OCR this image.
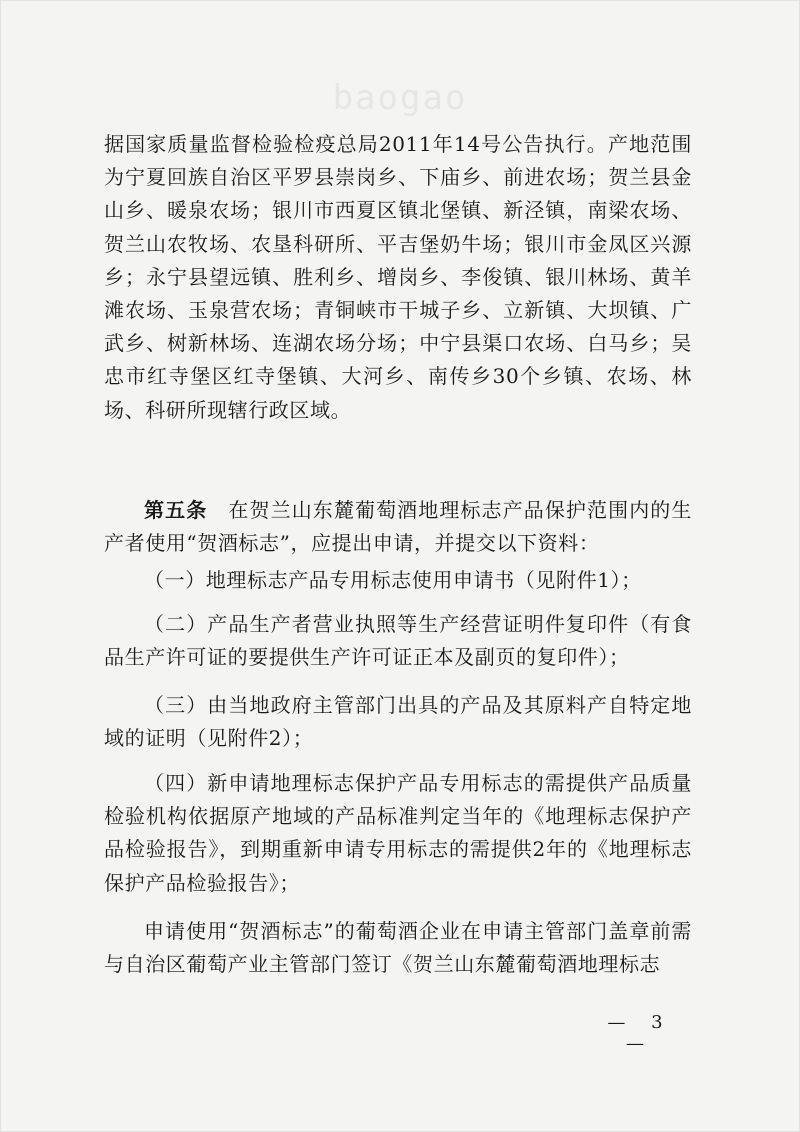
baogao

据国家质量监督检验检疫总局2011年14号公告执行。产地范围为宁夏回族自治区平罗县崇岗乡、下庙乡、前进农场；贺兰县金山乡、暖泉农场；银川市西夏区镇北堡镇、新泾镇，南梁农场、贺兰山农牧场、农垦科研所、平吉堡奶牛场；银川市金凤区兴源乡；永宁县望远镇、胜利乡、增岗乡、李俊镇、银川林场、黄羊滩农场、玉泉营农场；青铜峡市干城子乡、立新镇、大坝镇、广武乡、树新林场、连湖农场分场；中宁县渠口农场、白马乡；吴忠市红寺堡区红寺堡镇、大河乡、南传乡30个乡镇、农场、林场、科研所现辖行政区域。

第五条　 在贺兰山东麓葡萄酒地理标志产品保护范围内的生产者使用“贺酒标志”，应提出申请，并提交以下资料：

（一）地理标志产品专用标志使用申请书（见附件1）；

（二）产品生产者营业执照等生产经营证明件复印件（有食品生产许可证的要提供生产许可证正本及副页的复印件）；

（三）由当地政府主管部门出具的产品及其原料产自特定地域的证明（见附件2）；

（四）新申请地理标志保护产品专用标志的需提供产品质量检验机构依据原产地域的产品标准判定当年的《地理标志保护产品检验报告》，到期重新申请专用标志的需提供2年的《地理标志保护产品检验报告》；

申请使用“贺酒标志”的葡萄酒企业在申请主管部门盖章前需与自治区葡萄产业主管部门签订《贺兰山东麓葡萄酒地理标志

— 3 —
